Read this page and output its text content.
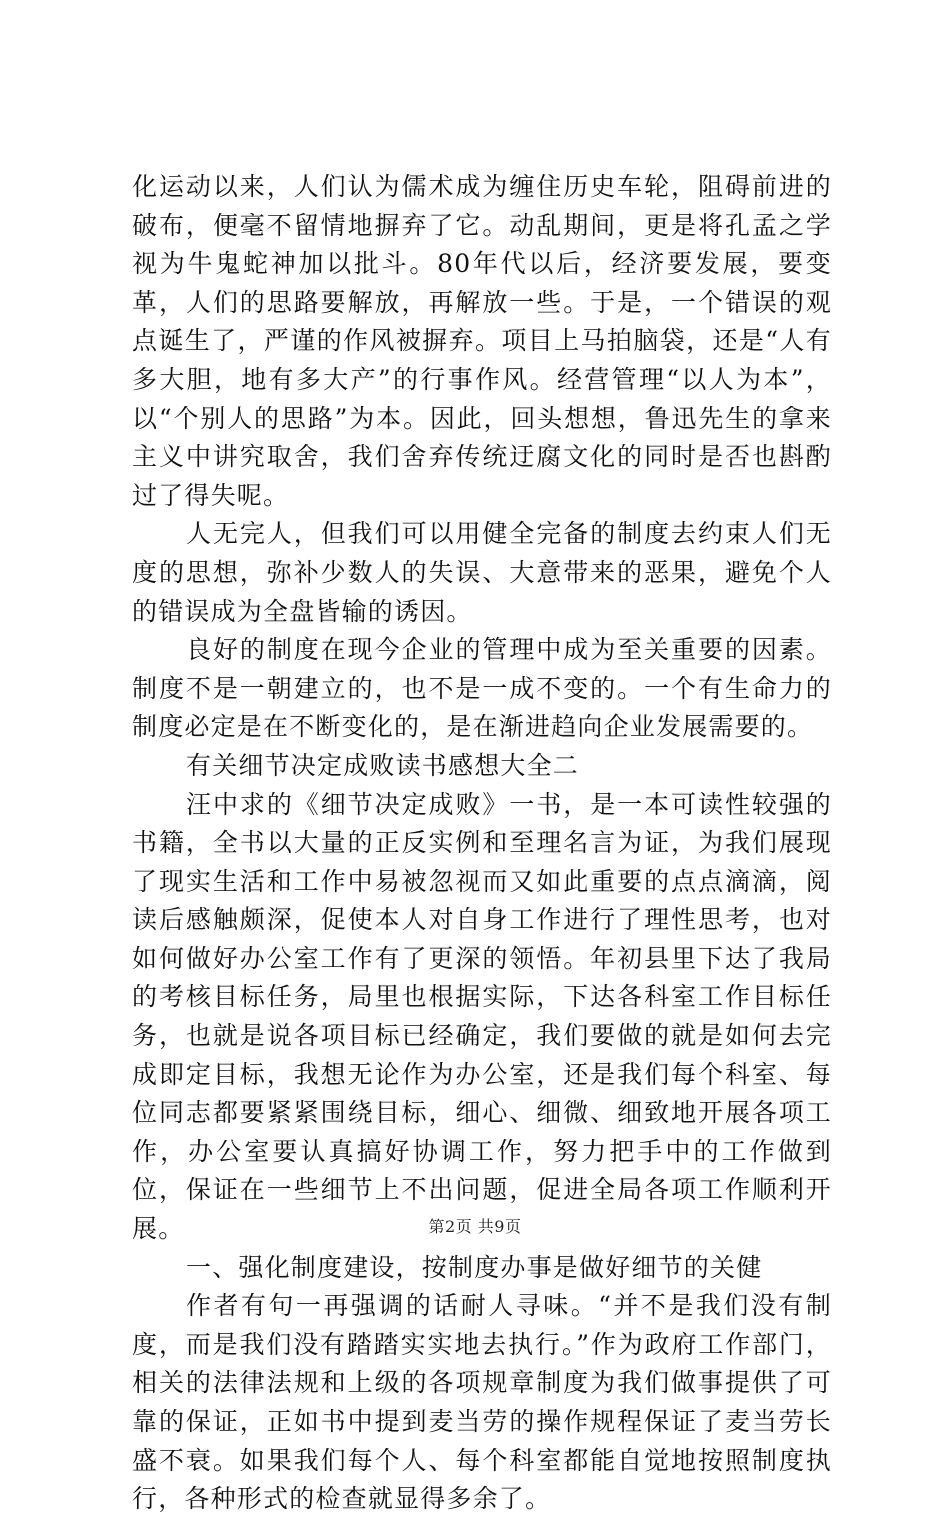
化运动以来，人们认为儒术成为缠住历史车轮，阻碍前进的破布，便毫不留情地摒弃了它。动乱期间，更是将孔孟之学视为牛鬼蛇神加以批斗。80年代以后，经济要发展，要变革，人们的思路要解放，再解放一些。于是，一个错误的观点诞生了，严谨的作风被摒弃。项目上马拍脑袋，还是“人有多大胆，地有多大产”的行事作风。经营管理“以人为本”，以“个别人的思路”为本。因此，回头想想，鲁迅先生的拿来主义中讲究取舍，我们舍弃传统迂腐文化的同时是否也斟酌过了得失呢。

人无完人，但我们可以用健全完备的制度去约束人们无度的思想，弥补少数人的失误、大意带来的恶果，避免个人的错误成为全盘皆输的诱因。

良好的制度在现今企业的管理中成为至关重要的因素。制度不是一朝建立的，也不是一成不变的。一个有生命力的制度必定是在不断变化的，是在渐进趋向企业发展需要的。

有关细节决定成败读书感想大全二

汪中求的《细节决定成败》一书，是一本可读性较强的书籍，全书以大量的正反实例和至理名言为证，为我们展现了现实生活和工作中易被忽视而又如此重要的点点滴滴，阅读后感触颇深，促使本人对自身工作进行了理性思考，也对如何做好办公室工作有了更深的领悟。年初县里下达了我局的考核目标任务，局里也根据实际，下达各科室工作目标任务，也就是说各项目标已经确定，我们要做的就是如何去完成即定目标，我想无论作为办公室，还是我们每个科室、每位同志都要紧紧围绕目标，细心、细微、细致地开展各项工作，办公室要认真搞好协调工作，努力把手中的工作做到位，保证在一些细节上不出问题，促进全局各项工作顺利开展。

一、强化制度建设，按制度办事是做好细节的关健

作者有句一再强调的话耐人寻味。“并不是我们没有制度，而是我们没有踏踏实实地去执行。”作为政府工作部门，相关的法律法规和上级的各项规章制度为我们做事提供了可靠的保证，正如书中提到麦当劳的操作规程保证了麦当劳长盛不衰。如果我们每个人、每个科室都能自觉地按照制度执行，各种形式的检查就显得多余了。

第2页 共9页
